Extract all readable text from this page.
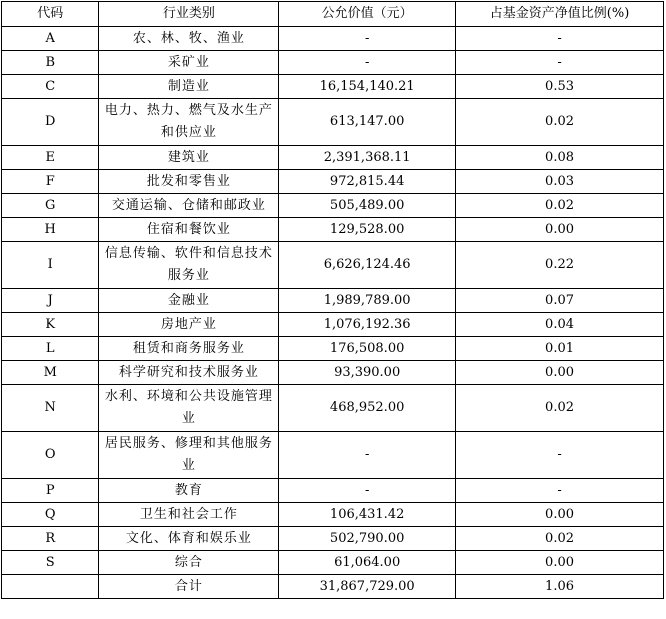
代码	行业类别	公允价值（元）	占基金资产净值比例(%)
A	农、林、牧、渔业	-	-
B	采矿业	-	-
C	制造业	16,154,140.21	0.53
D	电力、热力、燃气及水生产和供应业	613,147.00	0.02
E	建筑业	2,391,368.11	0.08
F	批发和零售业	972,815.44	0.03
G	交通运输、仓储和邮政业	505,489.00	0.02
H	住宿和餐饮业	129,528.00	0.00
I	信息传输、软件和信息技术服务业	6,626,124.46	0.22
J	金融业	1,989,789.00	0.07
K	房地产业	1,076,192.36	0.04
L	租赁和商务服务业	176,508.00	0.01
M	科学研究和技术服务业	93,390.00	0.00
N	水利、环境和公共设施管理业	468,952.00	0.02
O	居民服务、修理和其他服务业	-	-
P	教育	-	-
Q	卫生和社会工作	106,431.42	0.00
R	文化、体育和娱乐业	502,790.00	0.02
S	综合	61,064.00	0.00
	合计	31,867,729.00	1.06
